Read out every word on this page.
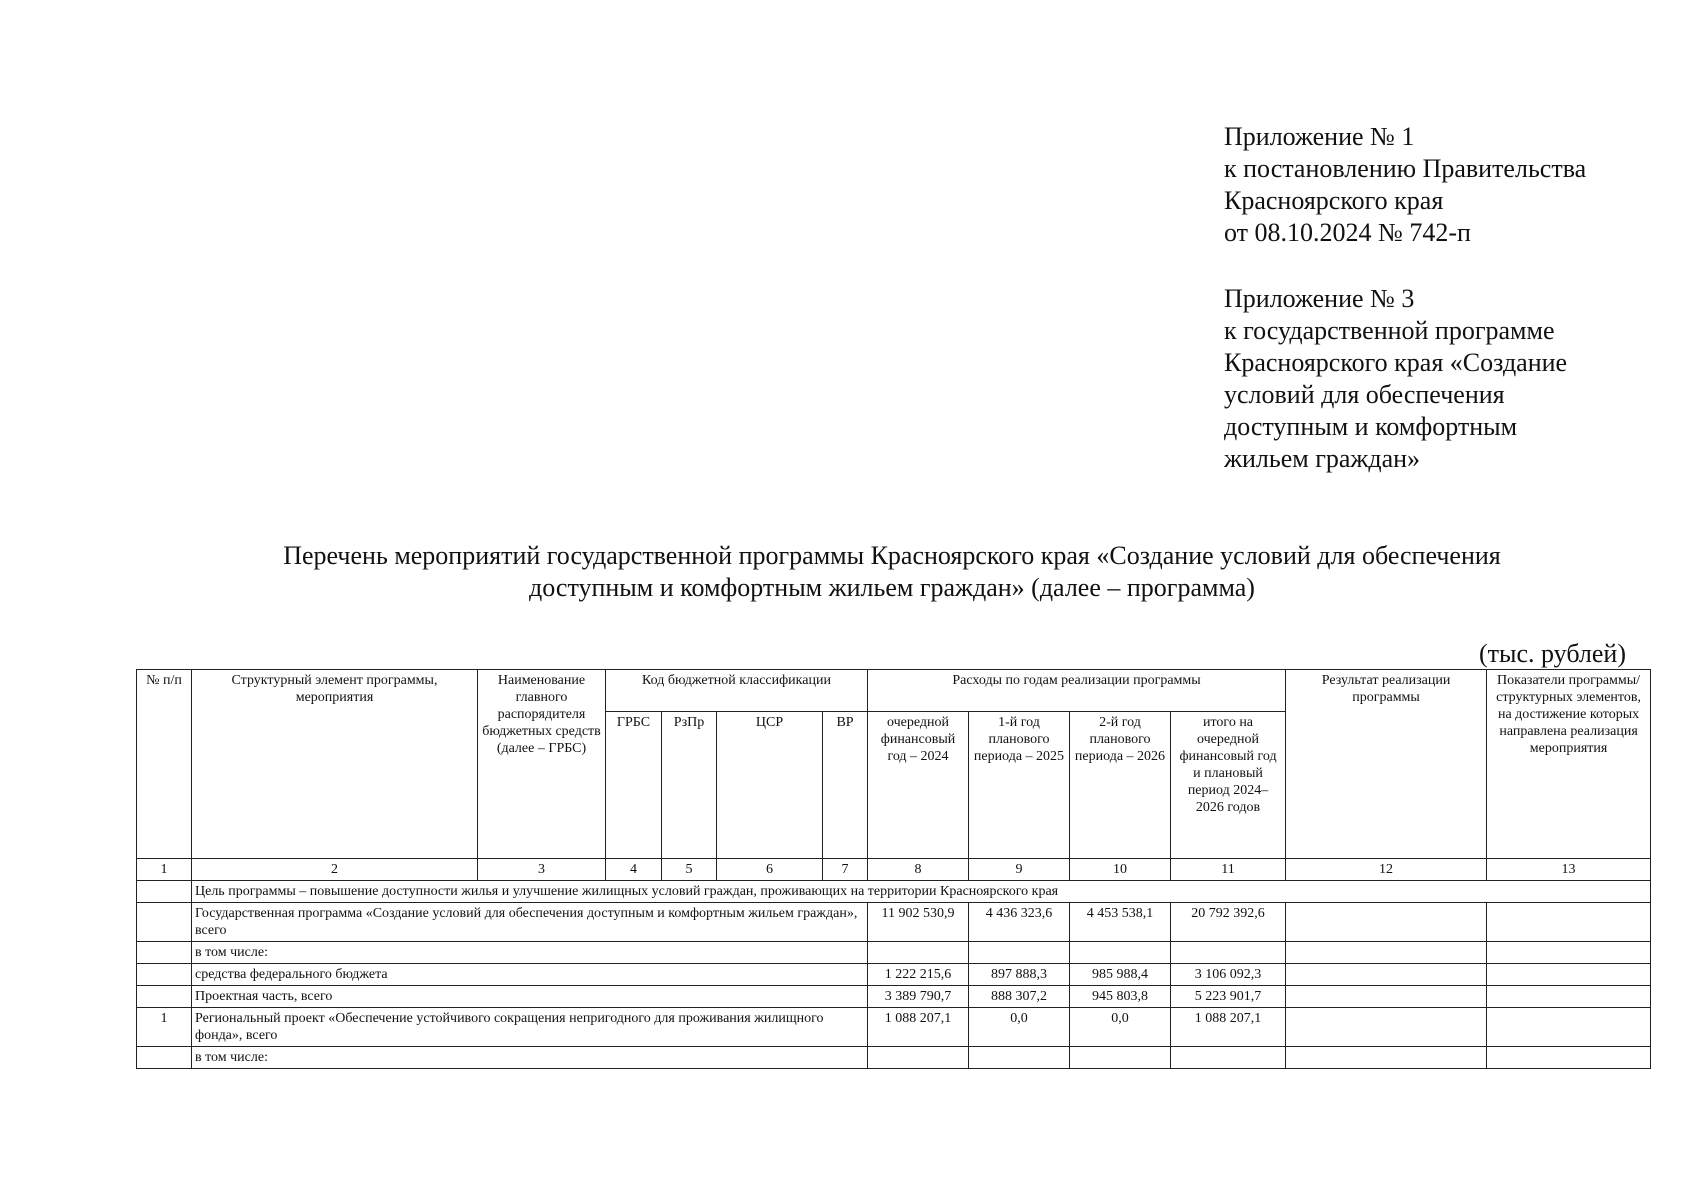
Приложение № 1
к постановлению Правительства
Красноярского края
от 08.10.2024 № 742-п
Приложение № 3
к государственной программе
Красноярского края «Создание
условий для обеспечения
доступным и комфортным
жильем граждан»
Перечень мероприятий государственной программы Красноярского края «Создание условий для обеспечения
доступным и комфортным жильем граждан» (далее – программа)
(тыс. рублей)
№ п/п	Структурный элемент программы, мероприятия	Наименование главного распорядителя бюджетных средств (далее – ГРБС)	Код бюджетной классификации				Расходы по годам реализации программы				Результат реализации программы	Показатели программы/ структурных элементов, на достижение которых направлена реализация мероприятия
			ГРБС	РзПр	ЦСР	ВР	очередной финансовый год – 2024	1-й год планового периода – 2025	2-й год планового периода – 2026	итого на очередной финансовый год и плановый период 2024–2026 годов		
1	2	3	4	5	6	7	8	9	10	11	12	13
	Цель программы – повышение доступности жилья и улучшение жилищных условий граждан, проживающих на территории Красноярского края											
	Государственная программа «Создание условий для обеспечения доступным и комфортным жильем граждан», всего						11 902 530,9	4 436 323,6	4 453 538,1	20 792 392,6		
	в том числе:											
	средства федерального бюджета						1 222 215,6	897 888,3	985 988,4	3 106 092,3		
	Проектная часть, всего						3 389 790,7	888 307,2	945 803,8	5 223 901,7		
1	Региональный проект «Обеспечение устойчивого сокращения непригодного для проживания жилищного фонда», всего						1 088 207,1	0,0	0,0	1 088 207,1		
	в том числе:											
